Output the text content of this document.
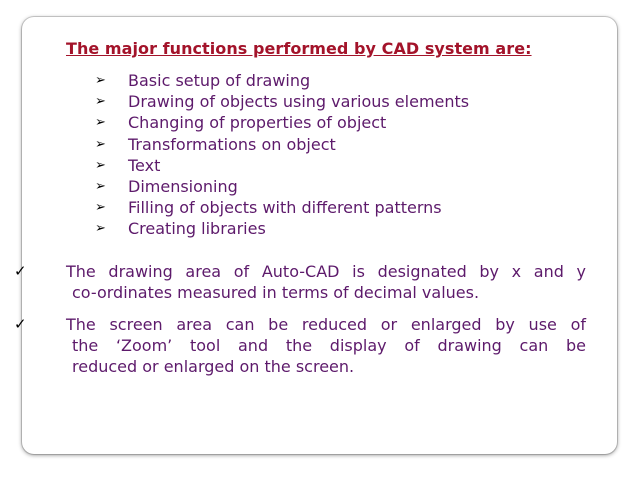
The major functions performed by CAD system are:
➢ Basic setup of drawing
➢ Drawing of objects using various elements
➢ Changing of properties of object
➢ Transformations on object
➢ Text
➢ Dimensioning
➢ Filling of objects with different patterns
➢ Creating libraries
✓ The drawing area of Auto-CAD is designated by x and y
co-ordinates measured in terms of decimal values.
✓ The screen area can be reduced or enlarged by use of
the ‘Zoom’ tool and the display of drawing can be
reduced or enlarged on the screen.
